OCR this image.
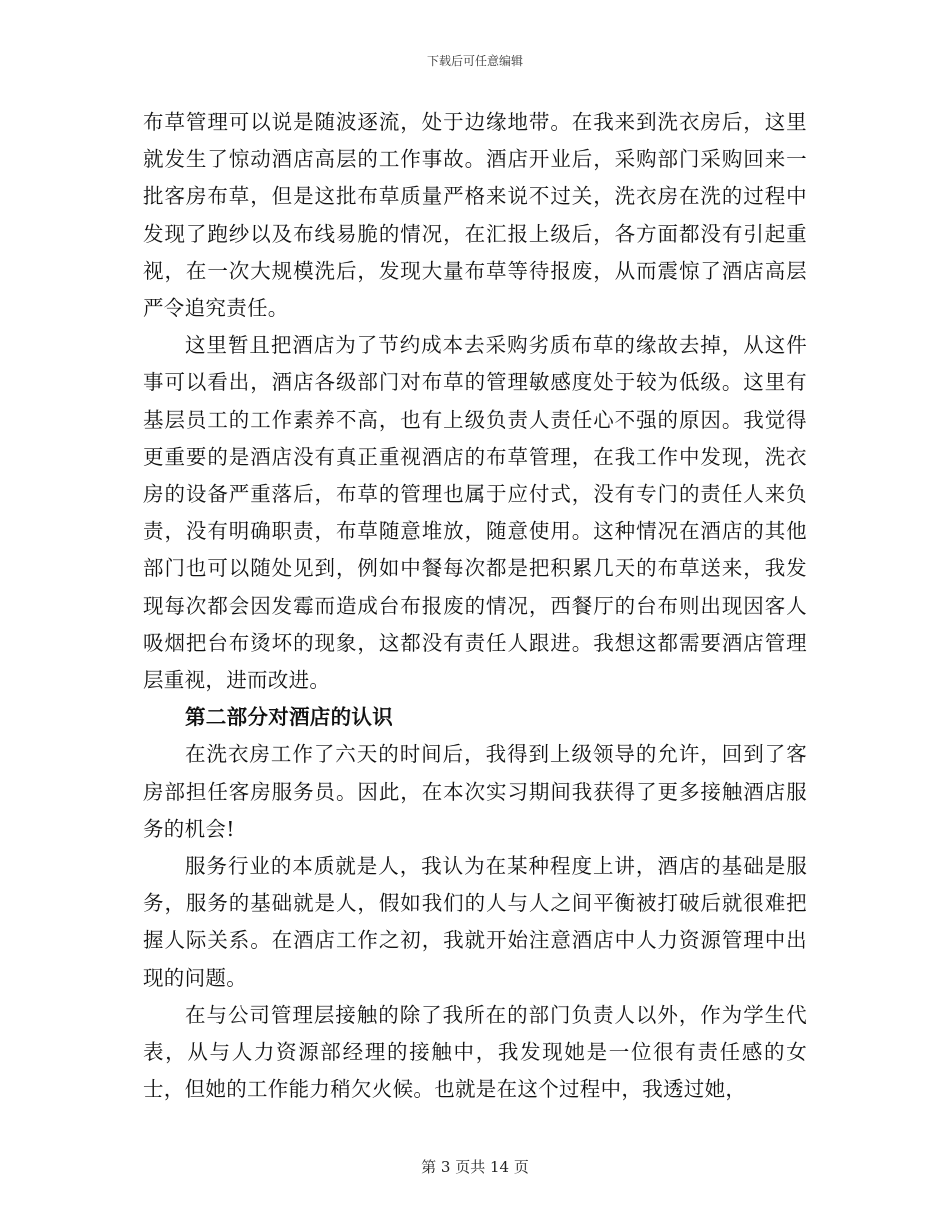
下载后可任意编辑

布草管理可以说是随波逐流，处于边缘地带。在我来到洗衣房后，这里就发生了惊动酒店高层的工作事故。酒店开业后，采购部门采购回来一批客房布草，但是这批布草质量严格来说不过关，洗衣房在洗的过程中发现了跑纱以及布线易脆的情况，在汇报上级后，各方面都没有引起重视，在一次大规模洗后，发现大量布草等待报废，从而震惊了酒店高层严令追究责任。

这里暂且把酒店为了节约成本去采购劣质布草的缘故去掉，从这件事可以看出，酒店各级部门对布草的管理敏感度处于较为低级。这里有基层员工的工作素养不高，也有上级负责人责任心不强的原因。我觉得更重要的是酒店没有真正重视酒店的布草管理，在我工作中发现，洗衣房的设备严重落后，布草的管理也属于应付式，没有专门的责任人来负责，没有明确职责，布草随意堆放，随意使用。这种情况在酒店的其他部门也可以随处见到，例如中餐每次都是把积累几天的布草送来，我发现每次都会因发霉而造成台布报废的情况，西餐厅的台布则出现因客人吸烟把台布烫坏的现象，这都没有责任人跟进。我想这都需要酒店管理层重视，进而改进。

第二部分对酒店的认识

在洗衣房工作了六天的时间后，我得到上级领导的允许，回到了客房部担任客房服务员。因此，在本次实习期间我获得了更多接触酒店服务的机会!

服务行业的本质就是人，我认为在某种程度上讲，酒店的基础是服务，服务的基础就是人，假如我们的人与人之间平衡被打破后就很难把握人际关系。在酒店工作之初，我就开始注意酒店中人力资源管理中出现的问题。

在与公司管理层接触的除了我所在的部门负责人以外，作为学生代表，从与人力资源部经理的接触中，我发现她是一位很有责任感的女士，但她的工作能力稍欠火候。也就是在这个过程中，我透过她，

第 3 页共 14 页
